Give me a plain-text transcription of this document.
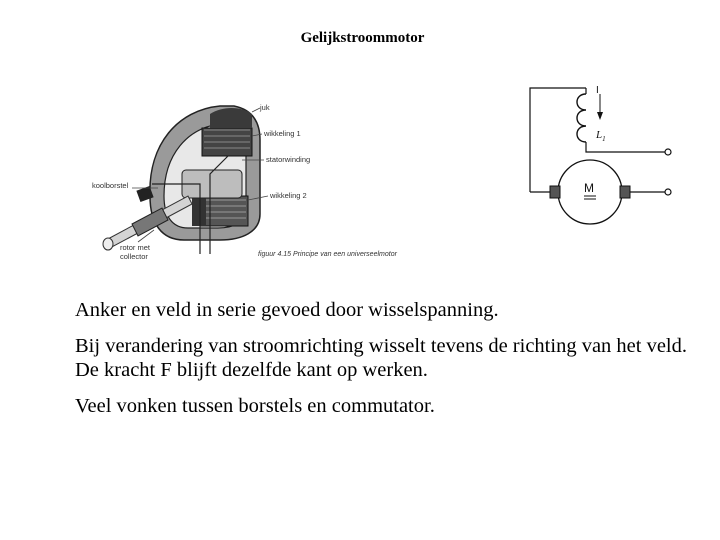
Gelijkstroommotor
juk
wikkeling 1
statorwinding
koolborstel
wikkeling 2
rotor met
collector	figuur 4.15 Principe van een universeelmotor
I
$L_1$
M

Anker en veld in serie gevoed door wisselspanning.

Bij verandering van stroomrichting wisselt tevens de richting van het veld. De kracht F blijft dezelfde kant op werken.

Veel vonken tussen borstels en commutator.
